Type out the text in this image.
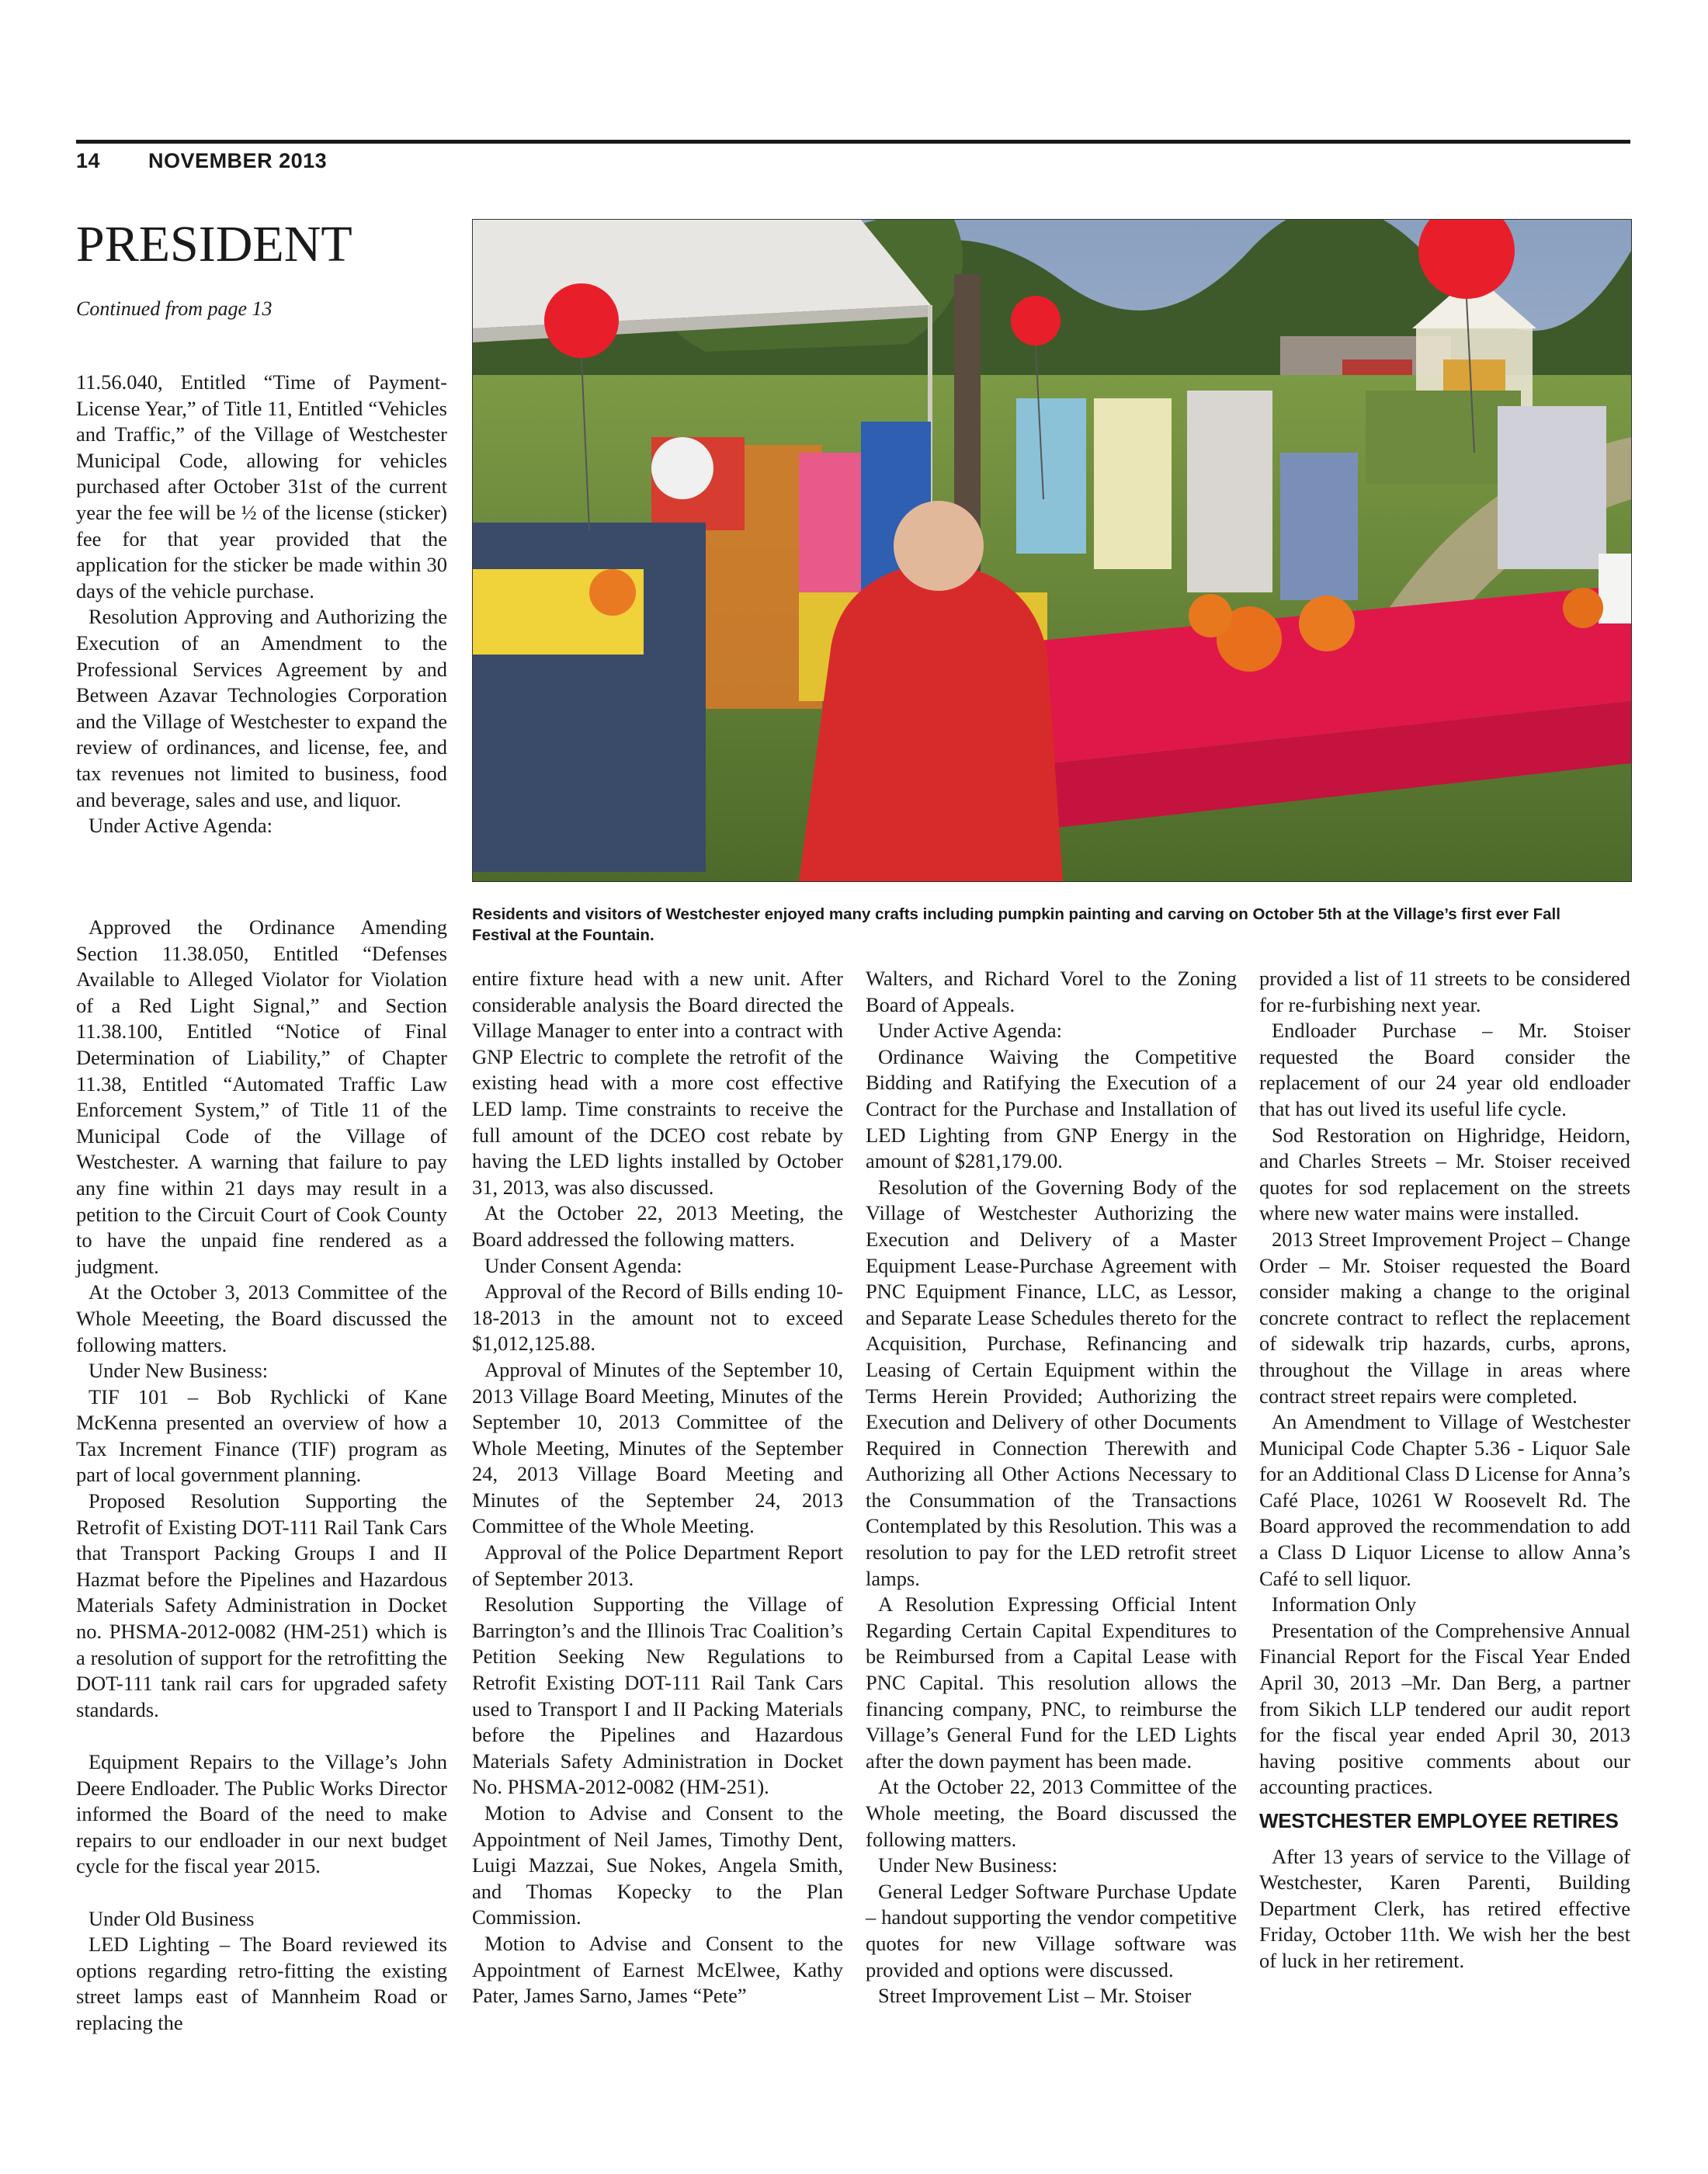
14 NOVEMBER 2013
PRESIDENT
Continued from page 13
Residents and visitors of Westchester enjoyed many crafts including pumpkin painting and carving on October 5th at the Village’s first ever Fall Festival at the Fountain.

11.56.040, Entitled “Time of Payment-License Year,” of Title 11, Entitled “Vehicles and Traffic,” of the Village of Westchester Municipal Code, allowing for vehicles purchased after October 31st of the current year the fee will be ½ of the license (sticker) fee for that year provided that the application for the sticker be made within 30 days of the vehicle purchase.

Resolution Approving and Authorizing the Execution of an Amendment to the Professional Services Agreement by and Between Azavar Technologies Corporation and the Village of Westchester to expand the review of ordinances, and license, fee, and tax revenues not limited to business, food and beverage, sales and use, and liquor.

Under Active Agenda:

Approved the Ordinance Amending Section 11.38.050, Entitled “Defenses Available to Alleged Violator for Violation of a Red Light Signal,” and Section 11.38.100, Entitled “Notice of Final Determination of Liability,” of Chapter 11.38, Entitled “Automated Traffic Law Enforcement System,” of Title 11 of the Municipal Code of the Village of Westchester. A warning that failure to pay any fine within 21 days may result in a petition to the Circuit Court of Cook County to have the unpaid fine rendered as a judgment.

At the October 3, 2013 Committee of the Whole Meeeting, the Board discussed the following matters.

Under New Business:

TIF 101 – Bob Rychlicki of Kane McKenna presented an overview of how a Tax Increment Finance (TIF) program as part of local government planning.

Proposed Resolution Supporting the Retrofit of Existing DOT-111 Rail Tank Cars that Transport Packing Groups I and II Hazmat before the Pipelines and Hazardous Materials Safety Administration in Docket no. PHSMA-2012-0082 (HM-251) which is a resolution of support for the retrofitting the DOT-111 tank rail cars for upgraded safety standards.

Equipment Repairs to the Village’s John Deere Endloader. The Public Works Director informed the Board of the need to make repairs to our endloader in our next budget cycle for the fiscal year 2015.

Under Old Business

LED Lighting – The Board reviewed its options regarding retro-fitting the existing street lamps east of Mannheim Road or replacing the

entire fixture head with a new unit. After considerable analysis the Board directed the Village Manager to enter into a contract with GNP Electric to complete the retrofit of the existing head with a more cost effective LED lamp. Time constraints to receive the full amount of the DCEO cost rebate by having the LED lights installed by October 31, 2013, was also discussed.

At the October 22, 2013 Meeting, the Board addressed the following matters.

Under Consent Agenda:

Approval of the Record of Bills ending 10-18-2013 in the amount not to exceed $1,012,125.88.

Approval of Minutes of the September 10, 2013 Village Board Meeting, Minutes of the September 10, 2013 Committee of the Whole Meeting, Minutes of the September 24, 2013 Village Board Meeting and Minutes of the September 24, 2013 Committee of the Whole Meeting.

Approval of the Police Department Report of September 2013.

Resolution Supporting the Village of Barrington’s and the Illinois Trac Coalition’s Petition Seeking New Regulations to Retrofit Existing DOT-111 Rail Tank Cars used to Transport I and II Packing Materials before the Pipelines and Hazardous Materials Safety Administration in Docket No. PHSMA-2012-0082 (HM-251).

Motion to Advise and Consent to the Appointment of Neil James, Timothy Dent, Luigi Mazzai, Sue Nokes, Angela Smith, and Thomas Kopecky to the Plan Commission.

Motion to Advise and Consent to the Appointment of Earnest McElwee, Kathy Pater, James Sarno, James “Pete”

Walters, and Richard Vorel to the Zoning Board of Appeals.

Under Active Agenda:

Ordinance Waiving the Competitive Bidding and Ratifying the Execution of a Contract for the Purchase and Installation of LED Lighting from GNP Energy in the amount of $281,179.00.

Resolution of the Governing Body of the Village of Westchester Authorizing the Execution and Delivery of a Master Equipment Lease-Purchase Agreement with PNC Equipment Finance, LLC, as Lessor, and Separate Lease Schedules thereto for the Acquisition, Purchase, Refinancing and Leasing of Certain Equipment within the Terms Herein Provided; Authorizing the Execution and Delivery of other Documents Required in Connection Therewith and Authorizing all Other Actions Necessary to the Consummation of the Transactions Contemplated by this Resolution. This was a resolution to pay for the LED retrofit street lamps.

A Resolution Expressing Official Intent Regarding Certain Capital Expenditures to be Reimbursed from a Capital Lease with PNC Capital. This resolution allows the financing company, PNC, to reimburse the Village’s General Fund for the LED Lights after the down payment has been made.

At the October 22, 2013 Committee of the Whole meeting, the Board discussed the following matters.

Under New Business:

General Ledger Software Purchase Update – handout supporting the vendor competitive quotes for new Village software was provided and options were discussed.

Street Improvement List – Mr. Stoiser

provided a list of 11 streets to be considered for re-furbishing next year.

Endloader Purchase – Mr. Stoiser requested the Board consider the replacement of our 24 year old endloader that has out lived its useful life cycle.

Sod Restoration on Highridge, Heidorn, and Charles Streets – Mr. Stoiser received quotes for sod replacement on the streets where new water mains were installed.

2013 Street Improvement Project – Change Order – Mr. Stoiser requested the Board consider making a change to the original concrete contract to reflect the replacement of sidewalk trip hazards, curbs, aprons, throughout the Village in areas where contract street repairs were completed.

An Amendment to Village of Westchester Municipal Code Chapter 5.36 - Liquor Sale for an Additional Class D License for Anna’s Café Place, 10261 W Roosevelt Rd. The Board approved the recommendation to add a Class D Liquor License to allow Anna’s Café to sell liquor.

Information Only

Presentation of the Comprehensive Annual Financial Report for the Fiscal Year Ended April 30, 2013 –Mr. Dan Berg, a partner from Sikich LLP tendered our audit report for the fiscal year ended April 30, 2013 having positive comments about our accounting practices.

WESTCHESTER EMPLOYEE RETIRES

After 13 years of service to the Village of Westchester, Karen Parenti, Building Department Clerk, has retired effective Friday, October 11th. We wish her the best of luck in her retirement.
